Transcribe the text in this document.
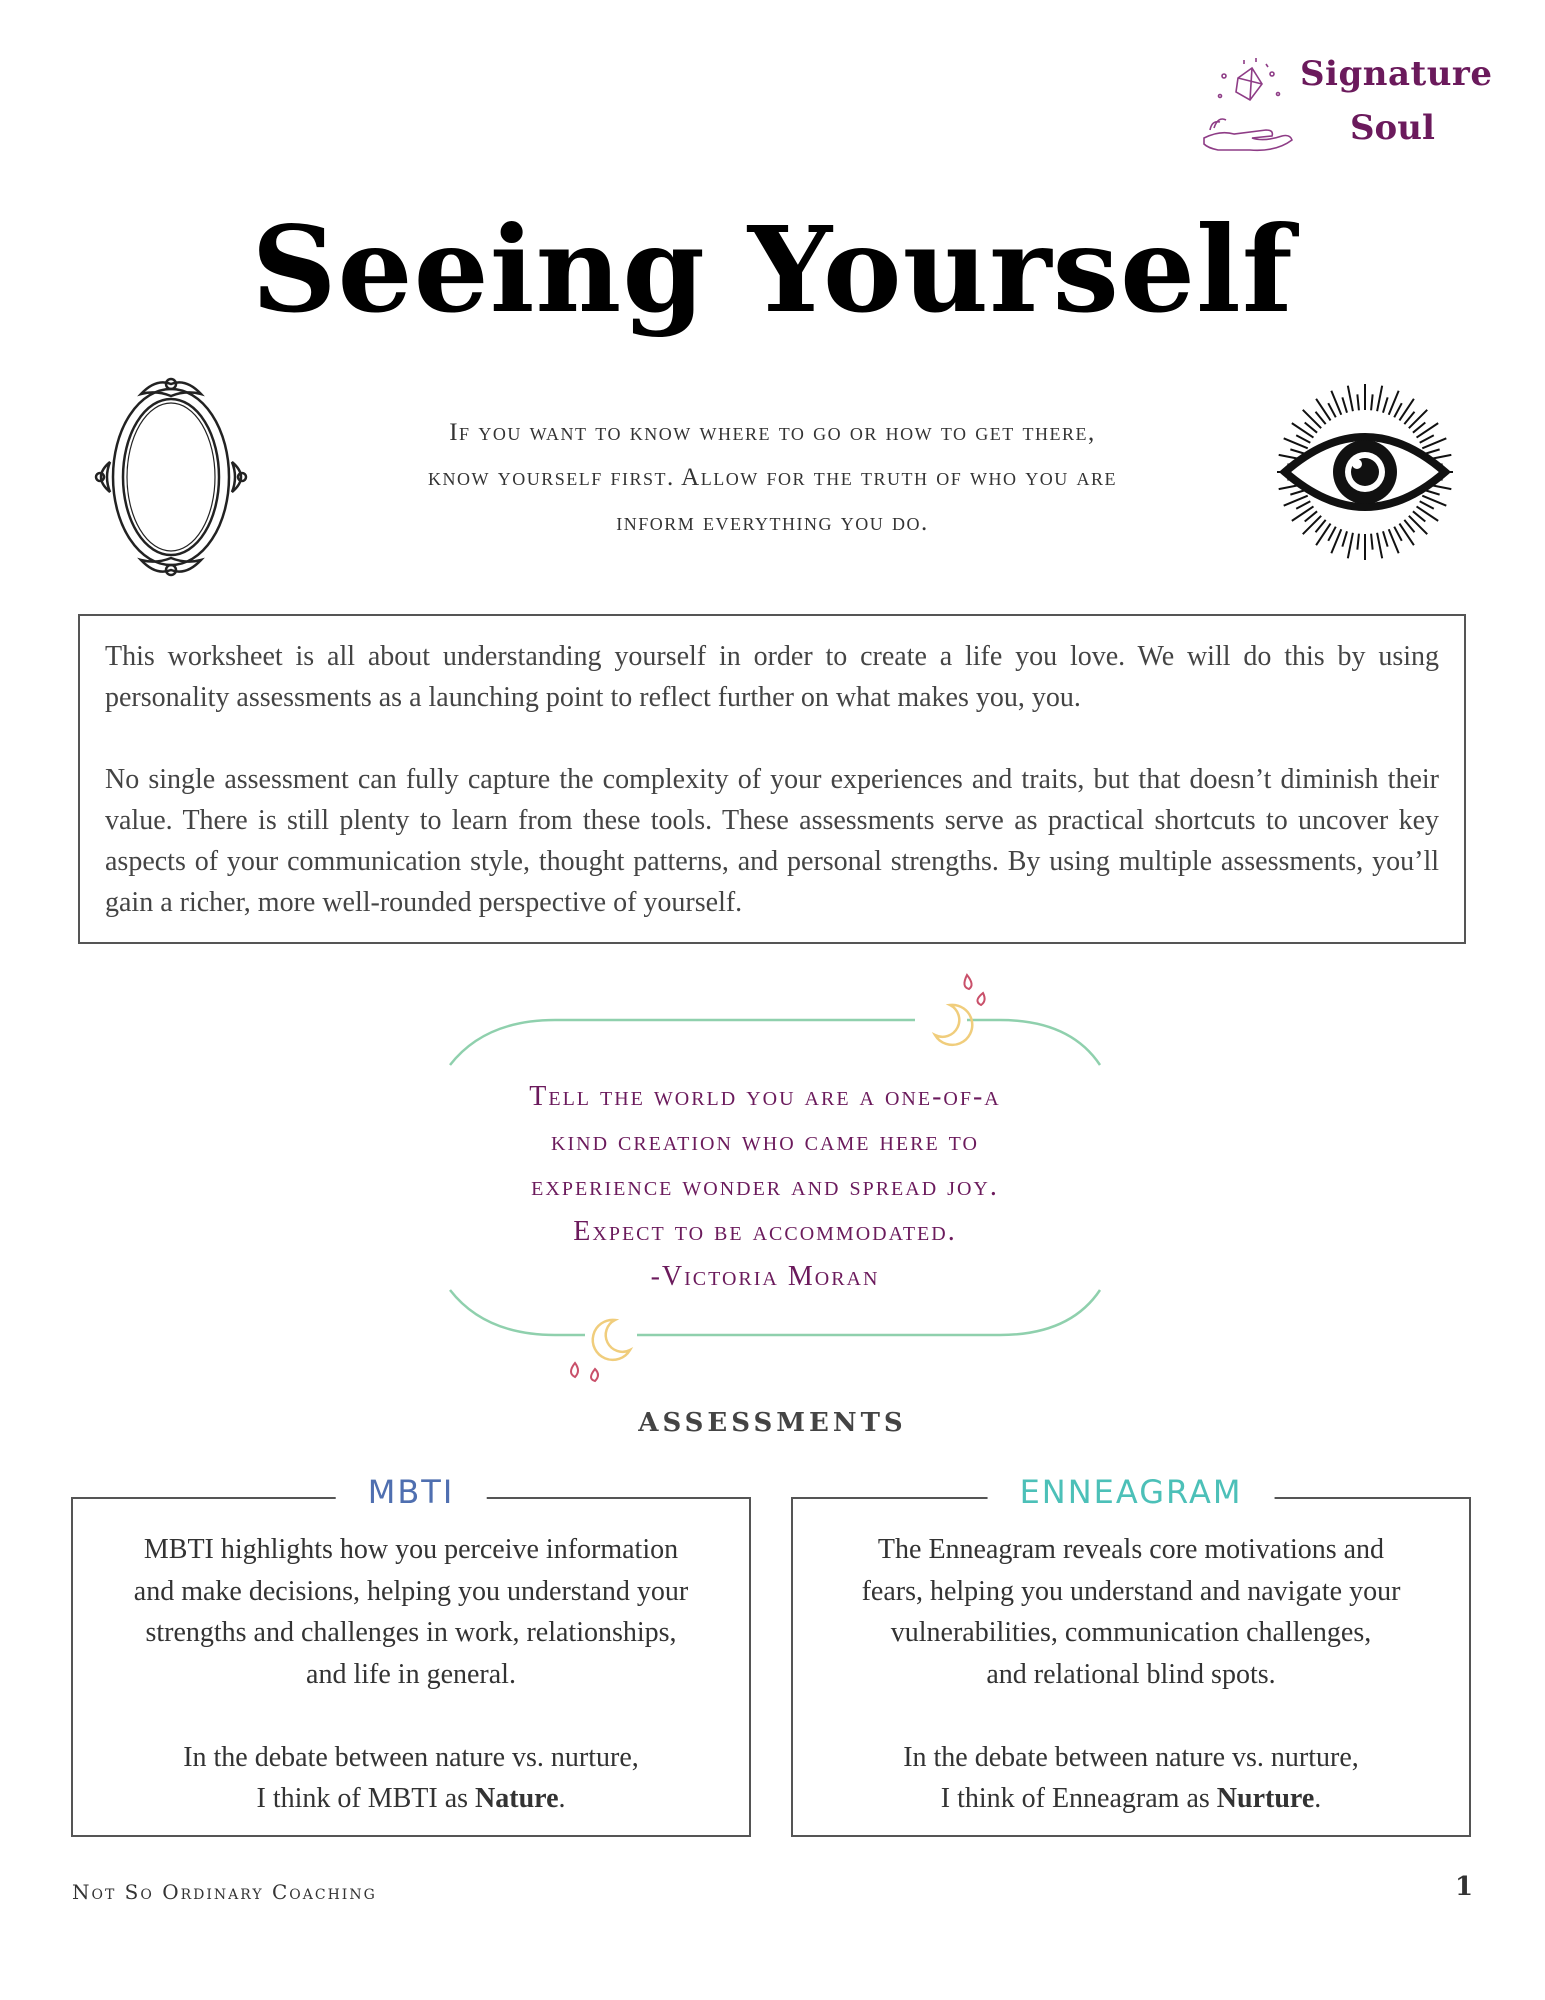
Signature
Soul
Seeing Yourself
If you want to know where to go or how to get there,
know yourself first. Allow for the truth of who you are
inform everything you do.

This worksheet is all about understanding yourself in order to create a life you love. We will do this by using personality assessments as a launching point to reflect further on what makes you, you.

No single assessment can fully capture the complexity of your experiences and traits, but that doesn’t diminish their value. There is still plenty to learn from these tools. These assessments serve as practical shortcuts to uncover key aspects of your communication style, thought patterns, and personal strengths. By using multiple assessments, you’ll gain a richer, more well-rounded perspective of yourself.

Tell the world you are a one-of-a
kind creation who came here to
experience wonder and spread joy.
Expect to be accommodated.
-Victoria Moran
ASSESSMENTS
MBTI
MBTI highlights how you perceive information
and make decisions, helping you understand your
strengths and challenges in work, relationships,
and life in general.
In the debate between nature vs. nurture,
I think of MBTI as Nature.
ENNEAGRAM
The Enneagram reveals core motivations and
fears, helping you understand and navigate your
vulnerabilities, communication challenges,
and relational blind spots.
In the debate between nature vs. nurture,
I think of Enneagram as Nurture.
Not So Ordinary Coaching	1
